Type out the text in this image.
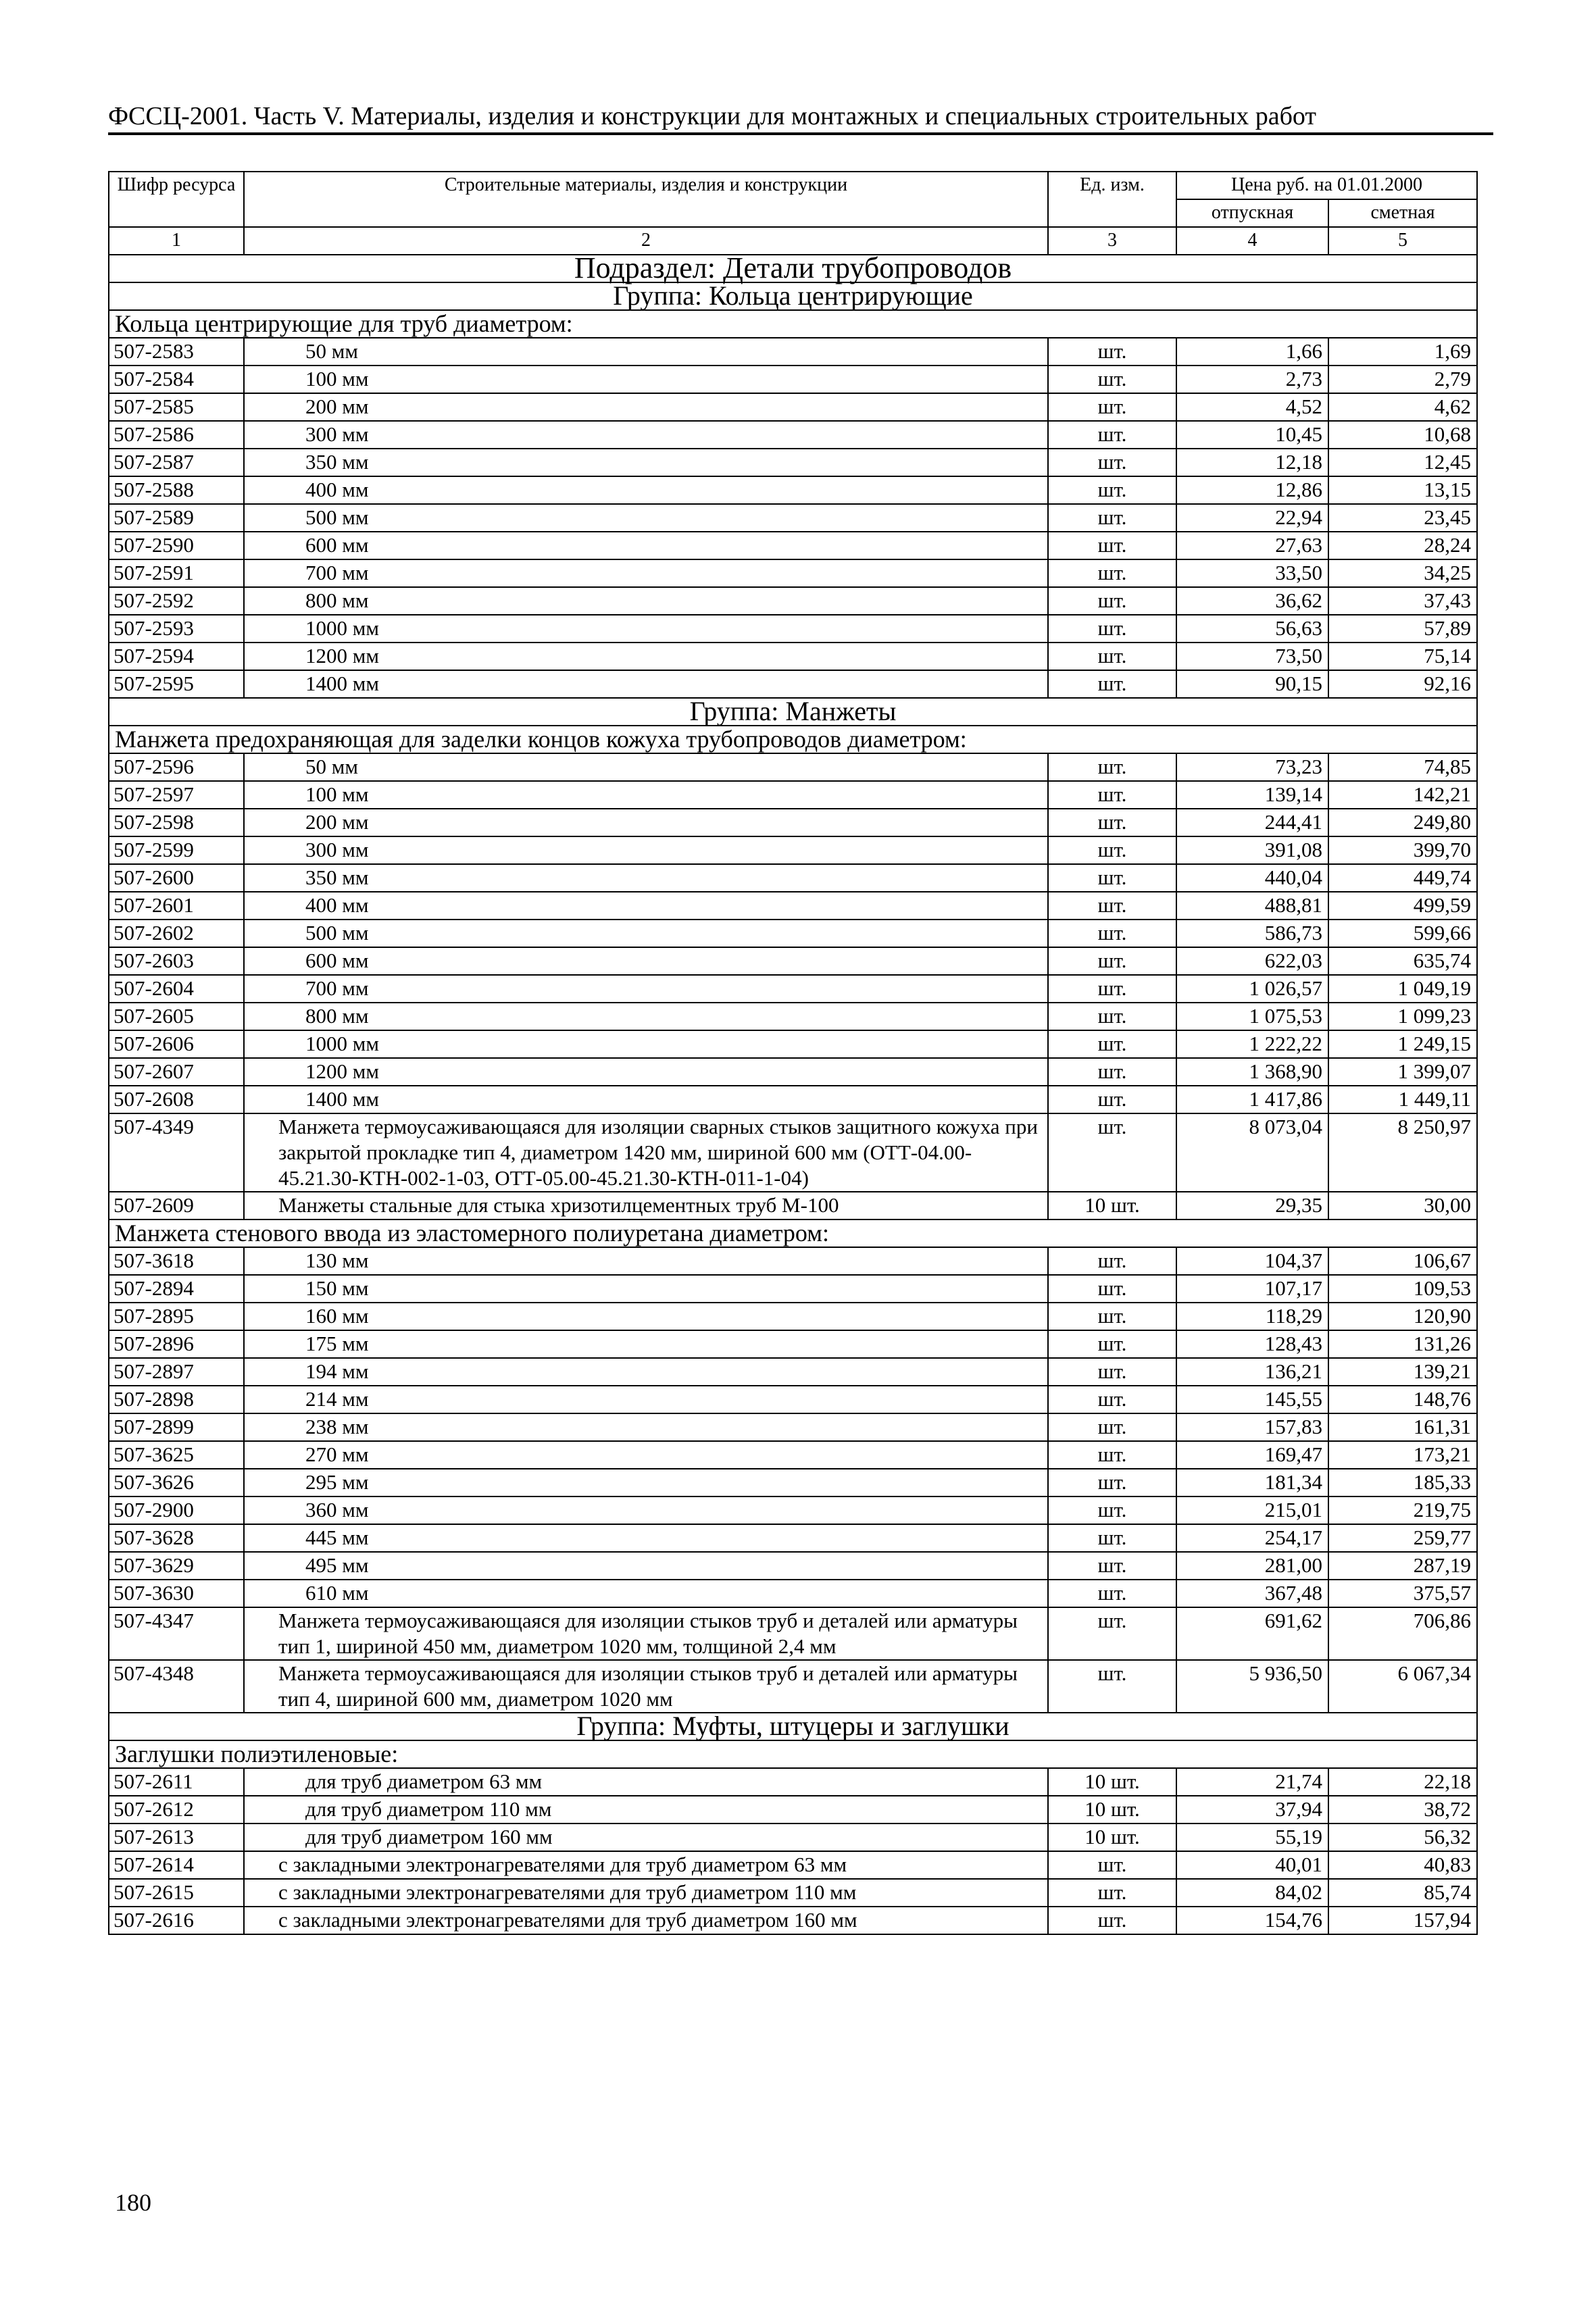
ФССЦ-2001. Часть V. Материалы, изделия и конструкции для монтажных и специальных строительных работ
Шифр ресурса	Строительные материалы, изделия и конструкции	Ед. изм.	Цена руб. на 01.01.2000	
			отпускная	сметная
1	2	3	4	5
Подраздел: Детали трубопроводов				
Группа: Кольца центрирующие				
Кольца центрирующие для труб диаметром:				
507-2583	50 мм	шт.	1,66	1,69
507-2584	100 мм	шт.	2,73	2,79
507-2585	200 мм	шт.	4,52	4,62
507-2586	300 мм	шт.	10,45	10,68
507-2587	350 мм	шт.	12,18	12,45
507-2588	400 мм	шт.	12,86	13,15
507-2589	500 мм	шт.	22,94	23,45
507-2590	600 мм	шт.	27,63	28,24
507-2591	700 мм	шт.	33,50	34,25
507-2592	800 мм	шт.	36,62	37,43
507-2593	1000 мм	шт.	56,63	57,89
507-2594	1200 мм	шт.	73,50	75,14
507-2595	1400 мм	шт.	90,15	92,16
Группа: Манжеты				
Манжета предохраняющая для заделки концов кожуха трубопроводов диаметром:				
507-2596	50 мм	шт.	73,23	74,85
507-2597	100 мм	шт.	139,14	142,21
507-2598	200 мм	шт.	244,41	249,80
507-2599	300 мм	шт.	391,08	399,70
507-2600	350 мм	шт.	440,04	449,74
507-2601	400 мм	шт.	488,81	499,59
507-2602	500 мм	шт.	586,73	599,66
507-2603	600 мм	шт.	622,03	635,74
507-2604	700 мм	шт.	1 026,57	1 049,19
507-2605	800 мм	шт.	1 075,53	1 099,23
507-2606	1000 мм	шт.	1 222,22	1 249,15
507-2607	1200 мм	шт.	1 368,90	1 399,07
507-2608	1400 мм	шт.	1 417,86	1 449,11
507-4349	Манжета термоусаживающаяся для изоляции сварных стыков защитного кожуха при закрытой прокладке тип 4, диаметром 1420 мм, шириной 600 мм (ОТТ-04.00-45.21.30-КТН-002-1-03, ОТТ-05.00-45.21.30-КТН-011-1-04)	шт.	8 073,04	8 250,97
507-2609	Манжеты стальные для стыка хризотилцементных труб М-100	10 шт.	29,35	30,00
Манжета стенового ввода из эластомерного полиуретана диаметром:				
507-3618	130 мм	шт.	104,37	106,67
507-2894	150 мм	шт.	107,17	109,53
507-2895	160 мм	шт.	118,29	120,90
507-2896	175 мм	шт.	128,43	131,26
507-2897	194 мм	шт.	136,21	139,21
507-2898	214 мм	шт.	145,55	148,76
507-2899	238 мм	шт.	157,83	161,31
507-3625	270 мм	шт.	169,47	173,21
507-3626	295 мм	шт.	181,34	185,33
507-2900	360 мм	шт.	215,01	219,75
507-3628	445 мм	шт.	254,17	259,77
507-3629	495 мм	шт.	281,00	287,19
507-3630	610 мм	шт.	367,48	375,57
507-4347	Манжета термоусаживающаяся для изоляции стыков труб и деталей или арматуры тип 1, шириной 450 мм, диаметром 1020 мм, толщиной 2,4 мм	шт.	691,62	706,86
507-4348	Манжета термоусаживающаяся для изоляции стыков труб и деталей или арматуры тип 4, шириной 600 мм, диаметром 1020 мм	шт.	5 936,50	6 067,34
Группа: Муфты, штуцеры и заглушки				
Заглушки полиэтиленовые:				
507-2611	для труб диаметром 63 мм	10 шт.	21,74	22,18
507-2612	для труб диаметром 110 мм	10 шт.	37,94	38,72
507-2613	для труб диаметром 160 мм	10 шт.	55,19	56,32
507-2614	с закладными электронагревателями для труб диаметром 63 мм	шт.	40,01	40,83
507-2615	с закладными электронагревателями для труб диаметром 110 мм	шт.	84,02	85,74
507-2616	с закладными электронагревателями для труб диаметром 160 мм	шт.	154,76	157,94
180
